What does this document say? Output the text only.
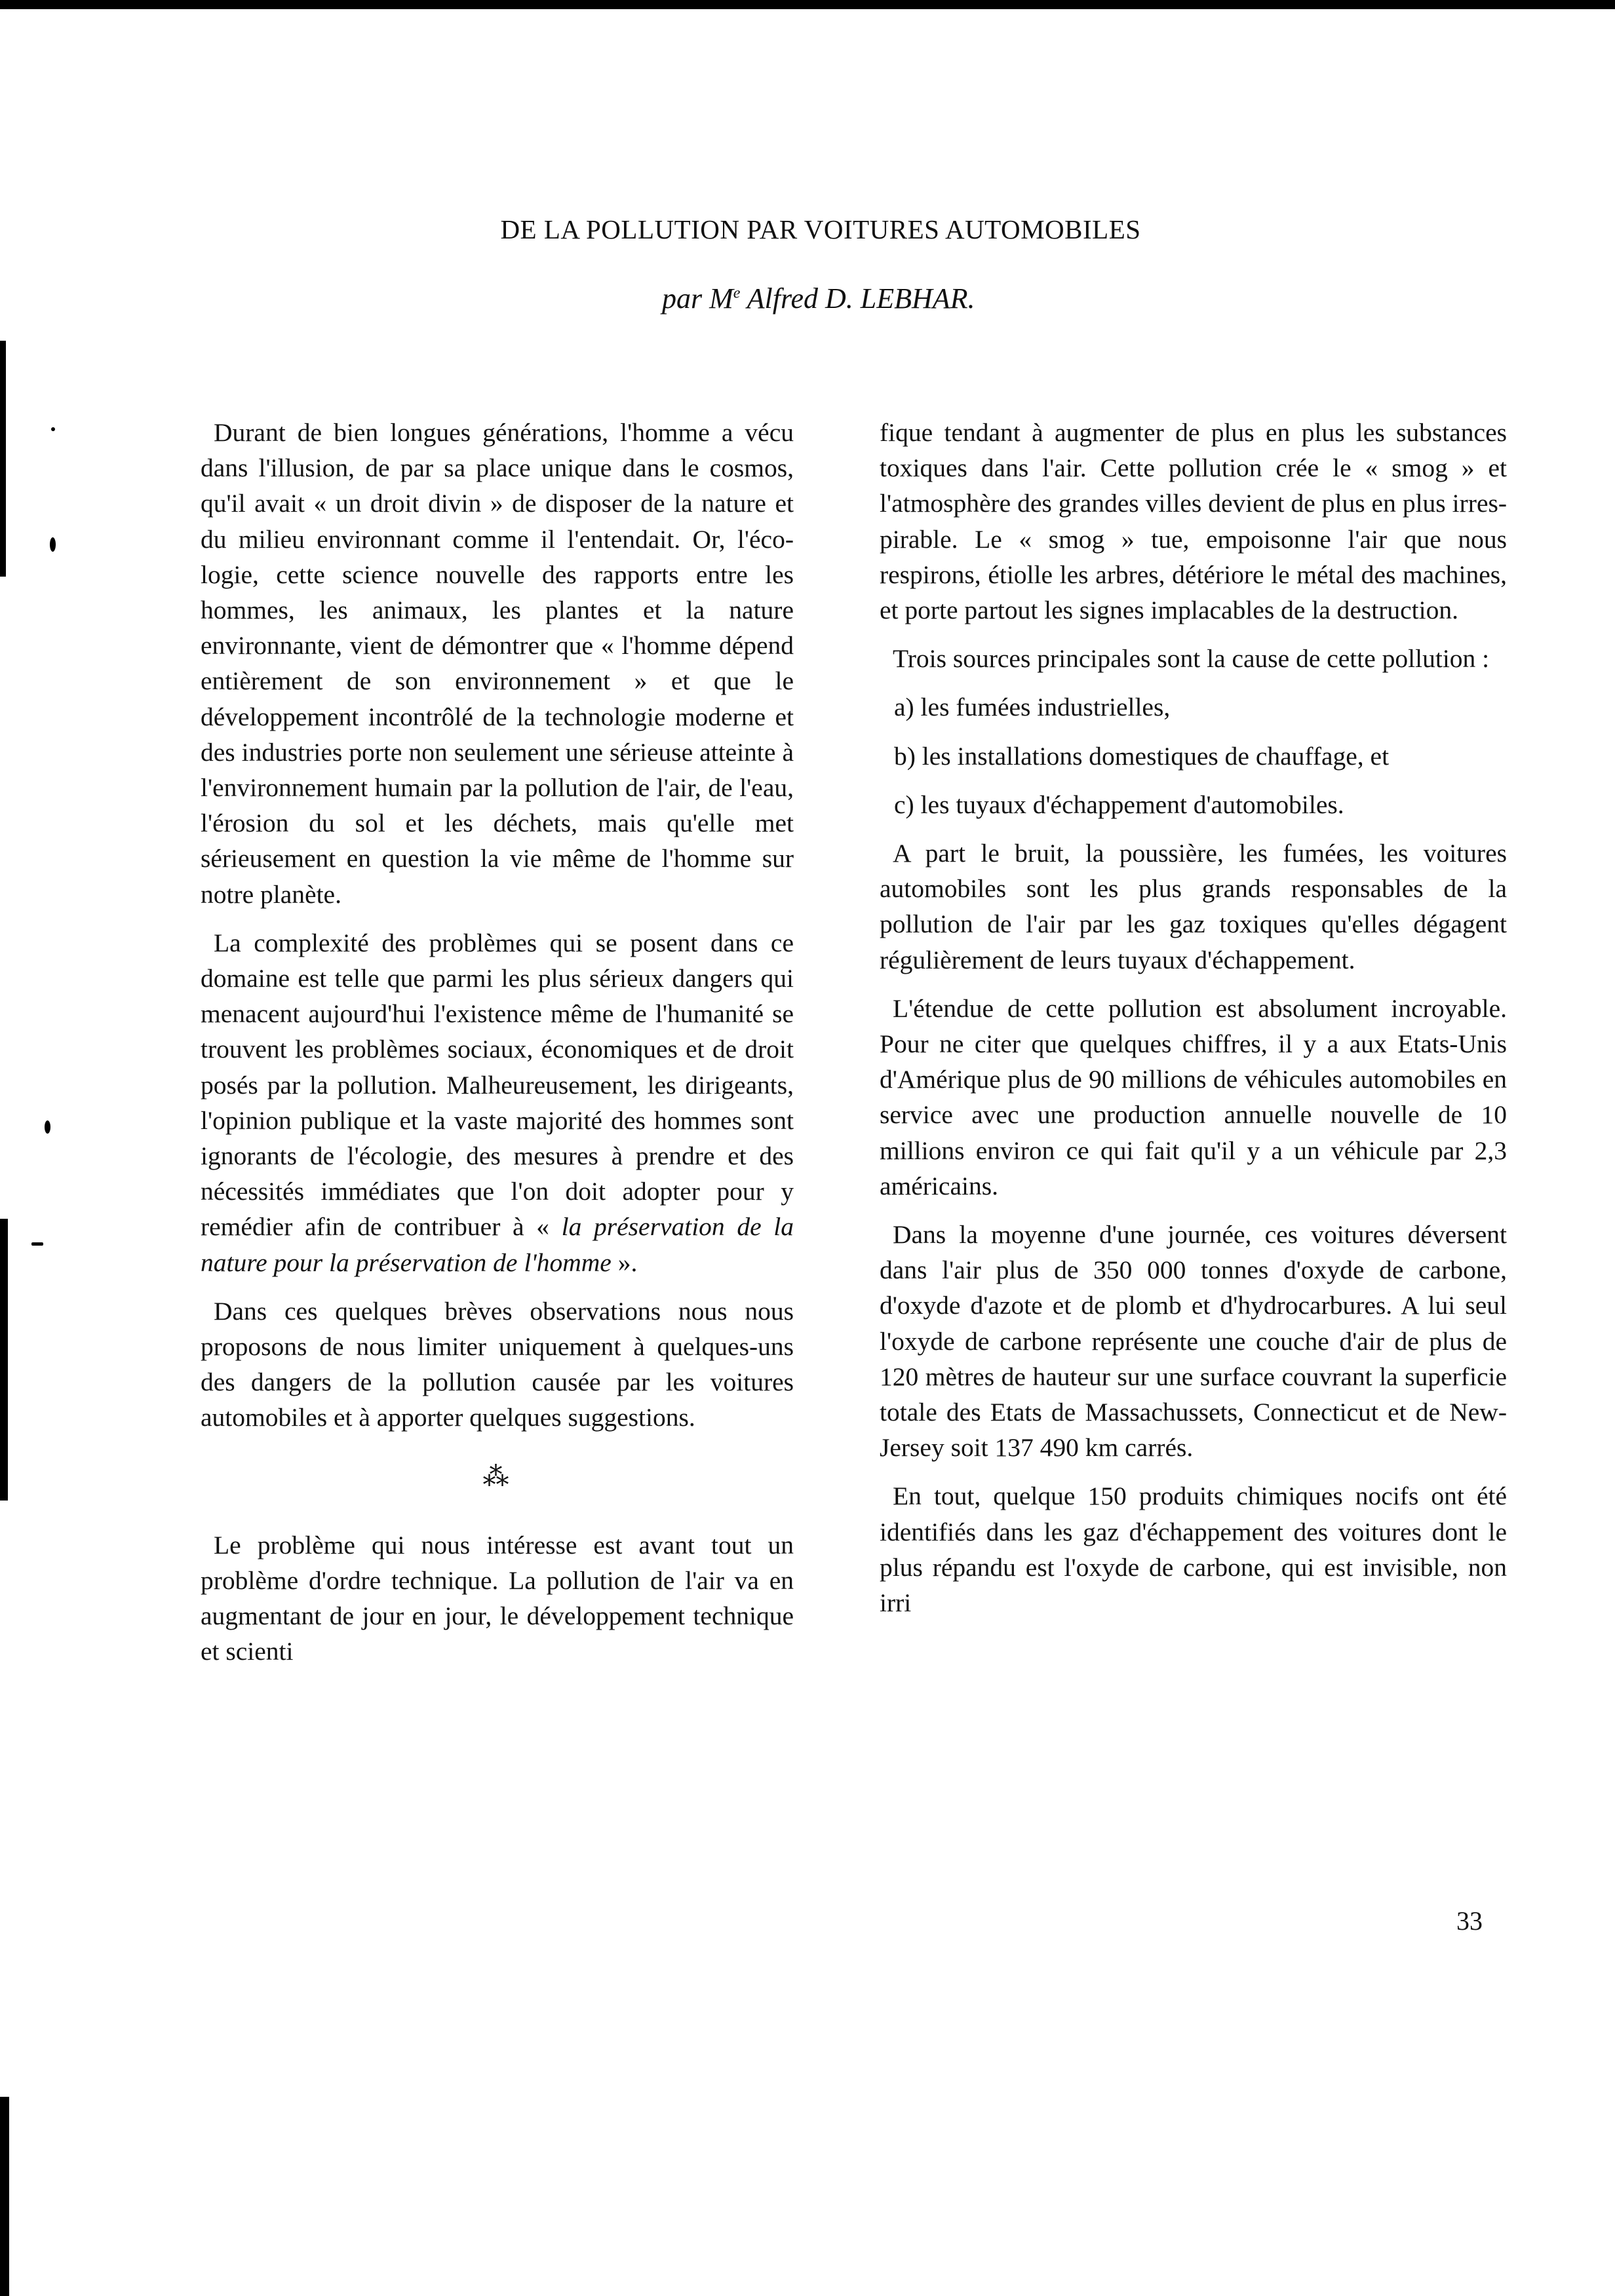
DE LA POLLUTION PAR VOITURES AUTOMOBILES
par Me Alfred D. LEBHAR.

Durant de bien longues générations, l'homme a vécu dans l'illusion, de par sa place unique dans le cosmos, qu'il avait « un droit divin » de disposer de la nature et du milieu environnant comme il l'entendait. Or, l'écologie, cette science nouvelle des rapports entre les hommes, les animaux, les plantes et la nature environnante, vient de démontrer que « l'homme dépend entièrement de son environnement » et que le développement incontrôlé de la technologie moderne et des industries porte non seulement une sérieuse atteinte à l'environnement humain par la pollution de l'air, de l'eau, l'érosion du sol et les déchets, mais qu'elle met sérieusement en question la vie même de l'homme sur notre planète.

La complexité des problèmes qui se posent dans ce domaine est telle que parmi les plus sérieux dangers qui menacent aujourd'hui l'existence même de l'humanité se trouvent les problèmes sociaux, économiques et de droit posés par la pollution. Malheureusement, les dirigeants, l'opinion publique et la vaste majorité des hommes sont ignorants de l'écologie, des mesures à prendre et des nécessités immédiates que l'on doit adopter pour y remédier afin de contribuer à « la préservation de la nature pour la préservation de l'homme ».

Dans ces quelques brèves observations nous nous proposons de nous limiter uniquement à quelques-uns des dangers de la pollution causée par les voitures automobiles et à apporter quelques suggestions.

⁂

Le problème qui nous intéresse est avant tout un problème d'ordre technique. La pollution de l'air va en augmentant de jour en jour, le développement technique et scienti

fique tendant à augmenter de plus en plus les substances toxiques dans l'air. Cette pollution crée le « smog » et l'atmosphère des grandes villes devient de plus en plus irrespirable. Le « smog » tue, empoisonne l'air que nous respirons, étiolle les arbres, détériore le métal des machines, et porte partout les signes implacables de la destruction.

Trois sources principales sont la cause de cette pollution :

a) les fumées industrielles,

b) les installations domestiques de chauffage, et

c) les tuyaux d'échappement d'automobiles.

A part le bruit, la poussière, les fumées, les voitures automobiles sont les plus grands responsables de la pollution de l'air par les gaz toxiques qu'elles dégagent régulièrement de leurs tuyaux d'échappement.

L'étendue de cette pollution est absolument incroyable. Pour ne citer que quelques chiffres, il y a aux Etats-Unis d'Amérique plus de 90 millions de véhicules automobiles en service avec une production annuelle nouvelle de 10 millions environ ce qui fait qu'il y a un véhicule par 2,3 américains.

Dans la moyenne d'une journée, ces voitures déversent dans l'air plus de 350 000 tonnes d'oxyde de carbone, d'oxyde d'azote et de plomb et d'hydrocarbures. A lui seul l'oxyde de carbone représente une couche d'air de plus de 120 mètres de hauteur sur une surface couvrant la superficie totale des Etats de Massachussets, Connecticut et de New-Jersey soit 137 490 km carrés.

En tout, quelque 150 produits chimiques nocifs ont été identifiés dans les gaz d'échappement des voitures dont le plus répandu est l'oxyde de carbone, qui est invisible, non irri

33
